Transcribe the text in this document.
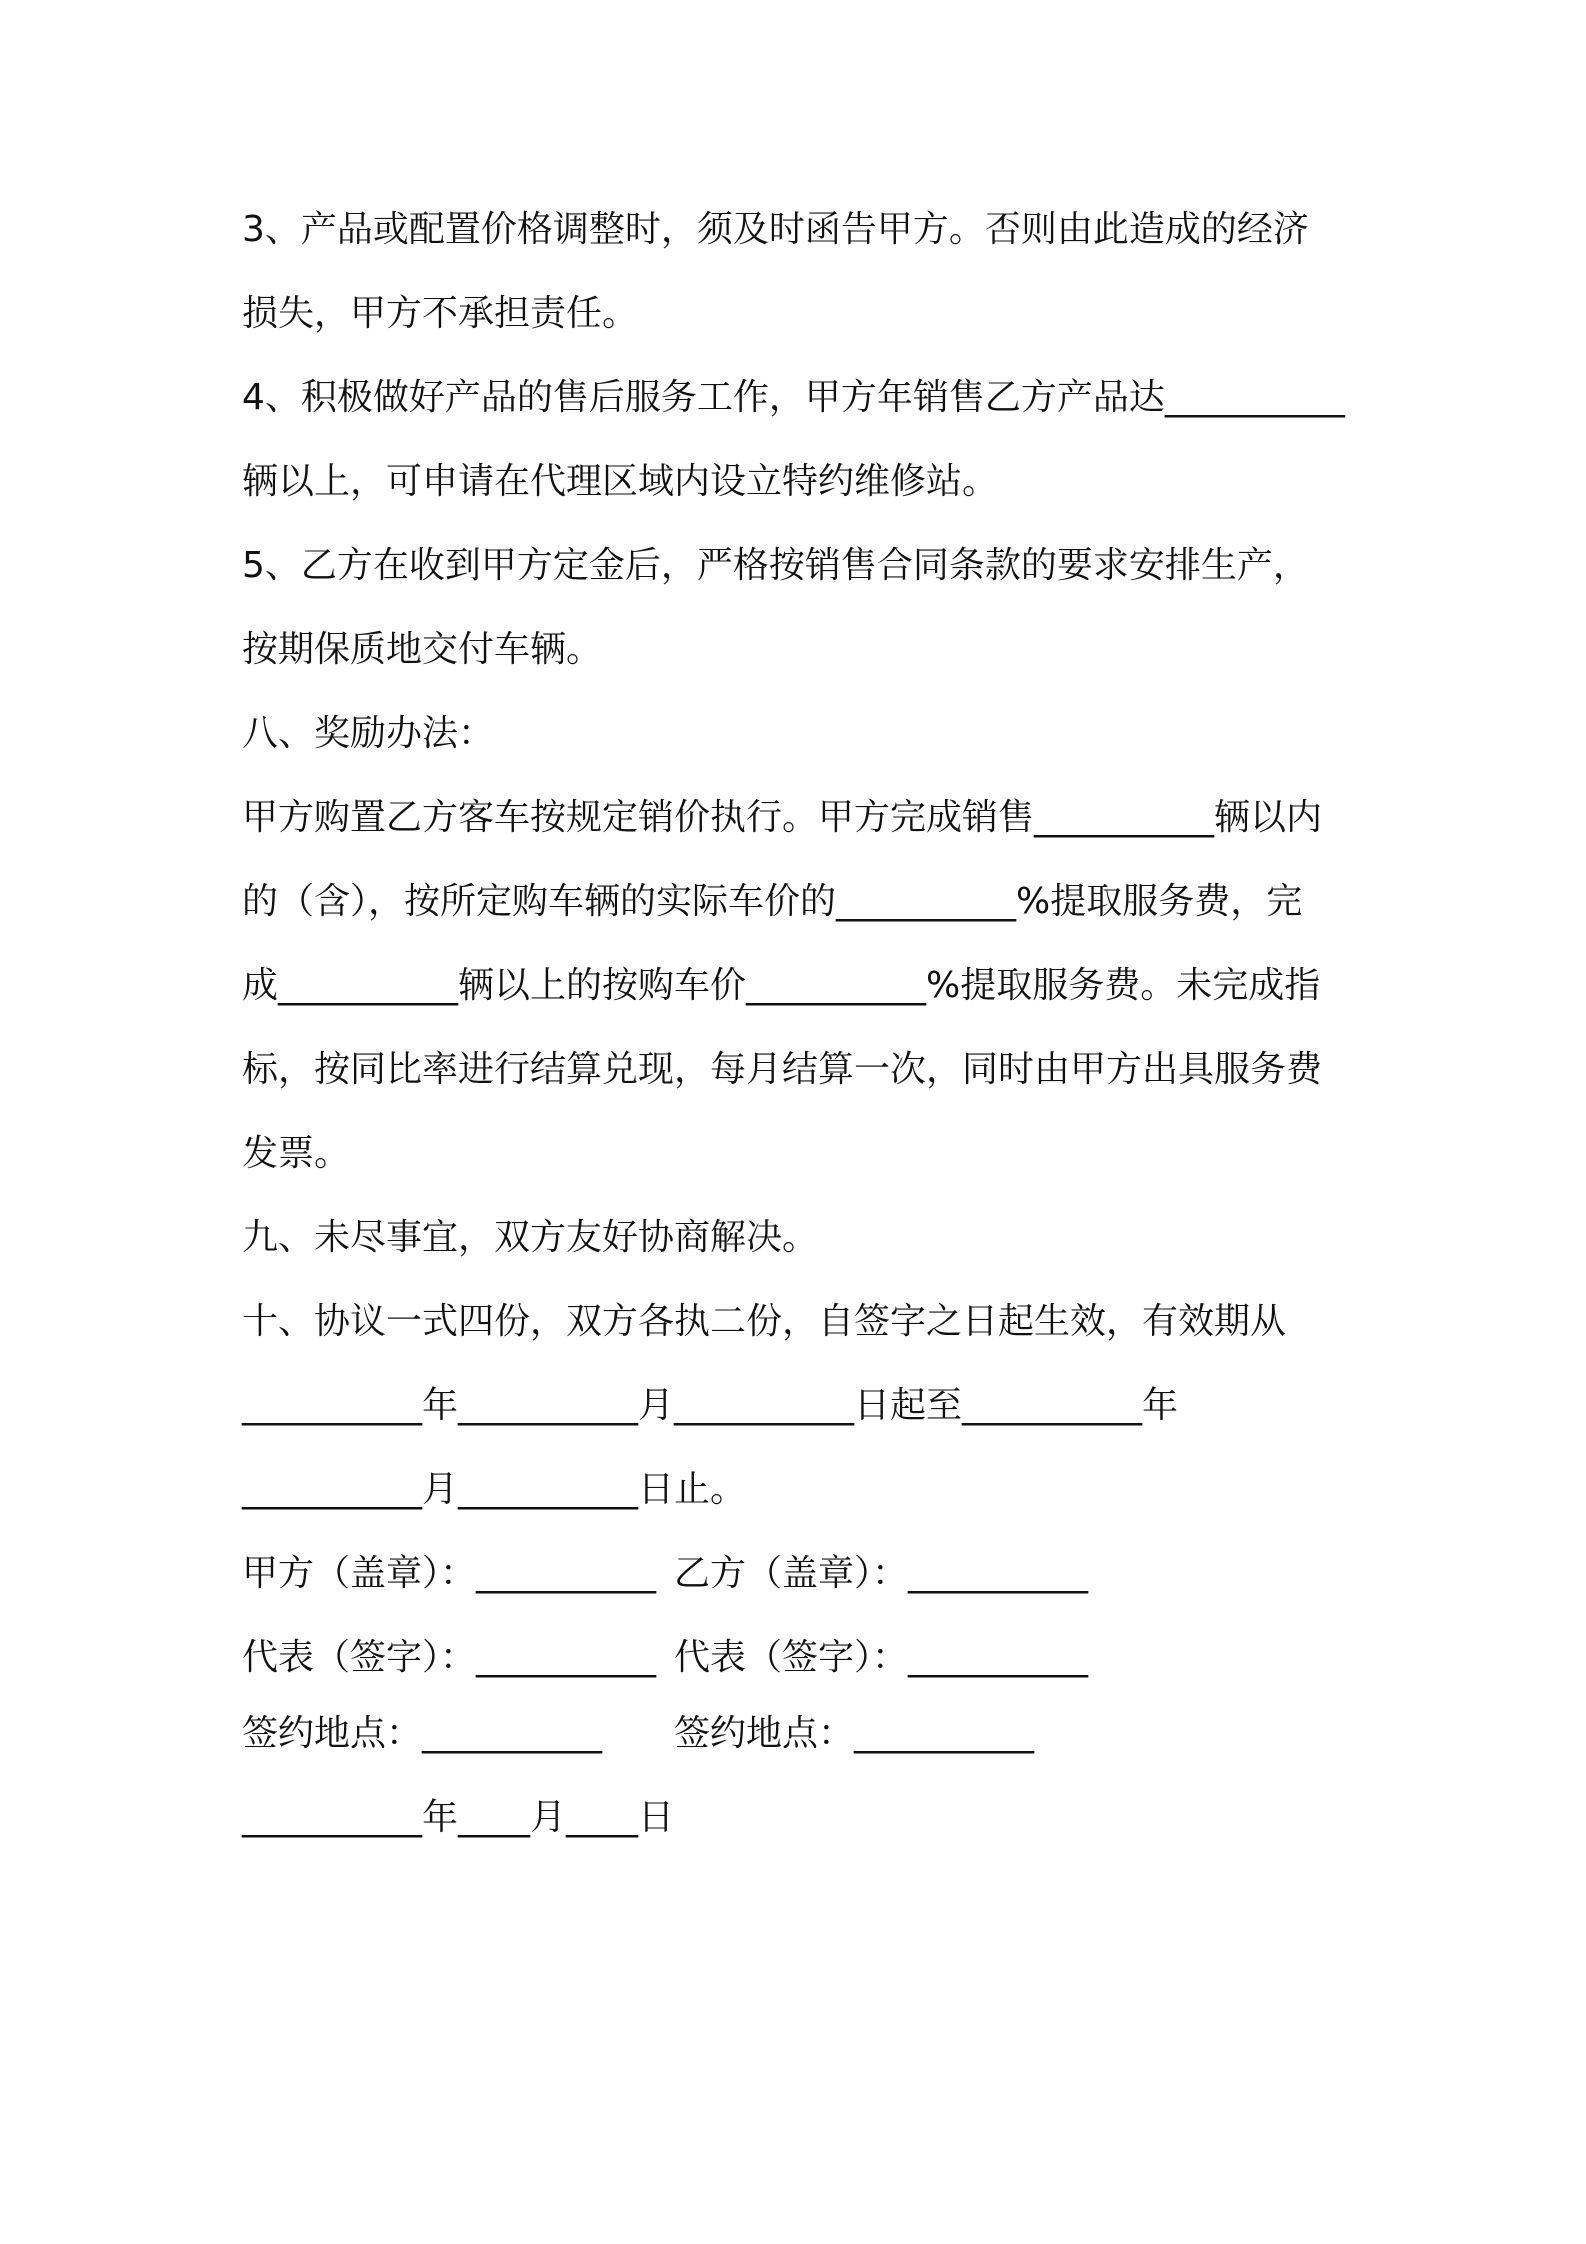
3、产品或配置价格调整时，须及时函告甲方。否则由此造成的经济
损失，甲方不承担责任。
4、积极做好产品的售后服务工作，甲方年销售乙方产品达__________
辆以上，可申请在代理区域内设立特约维修站。
5、乙方在收到甲方定金后，严格按销售合同条款的要求安排生产，
按期保质地交付车辆。
八、奖励办法：
甲方购置乙方客车按规定销价执行。甲方完成销售__________辆以内
的（含），按所定购车辆的实际车价的__________%提取服务费，完
成__________辆以上的按购车价__________%提取服务费。未完成指
标，按同比率进行结算兑现，每月结算一次，同时由甲方出具服务费
发票。
九、未尽事宜，双方友好协商解决。
十、协议一式四份，双方各执二份，自签字之日起生效，有效期从
__________年__________月__________日起至__________年
__________月__________日止。
甲方（盖章）：__________ 乙方（盖章）：__________
代表（签字）：__________ 代表（签字）：__________
签约地点：__________ 签约地点：__________
__________年____月____日
